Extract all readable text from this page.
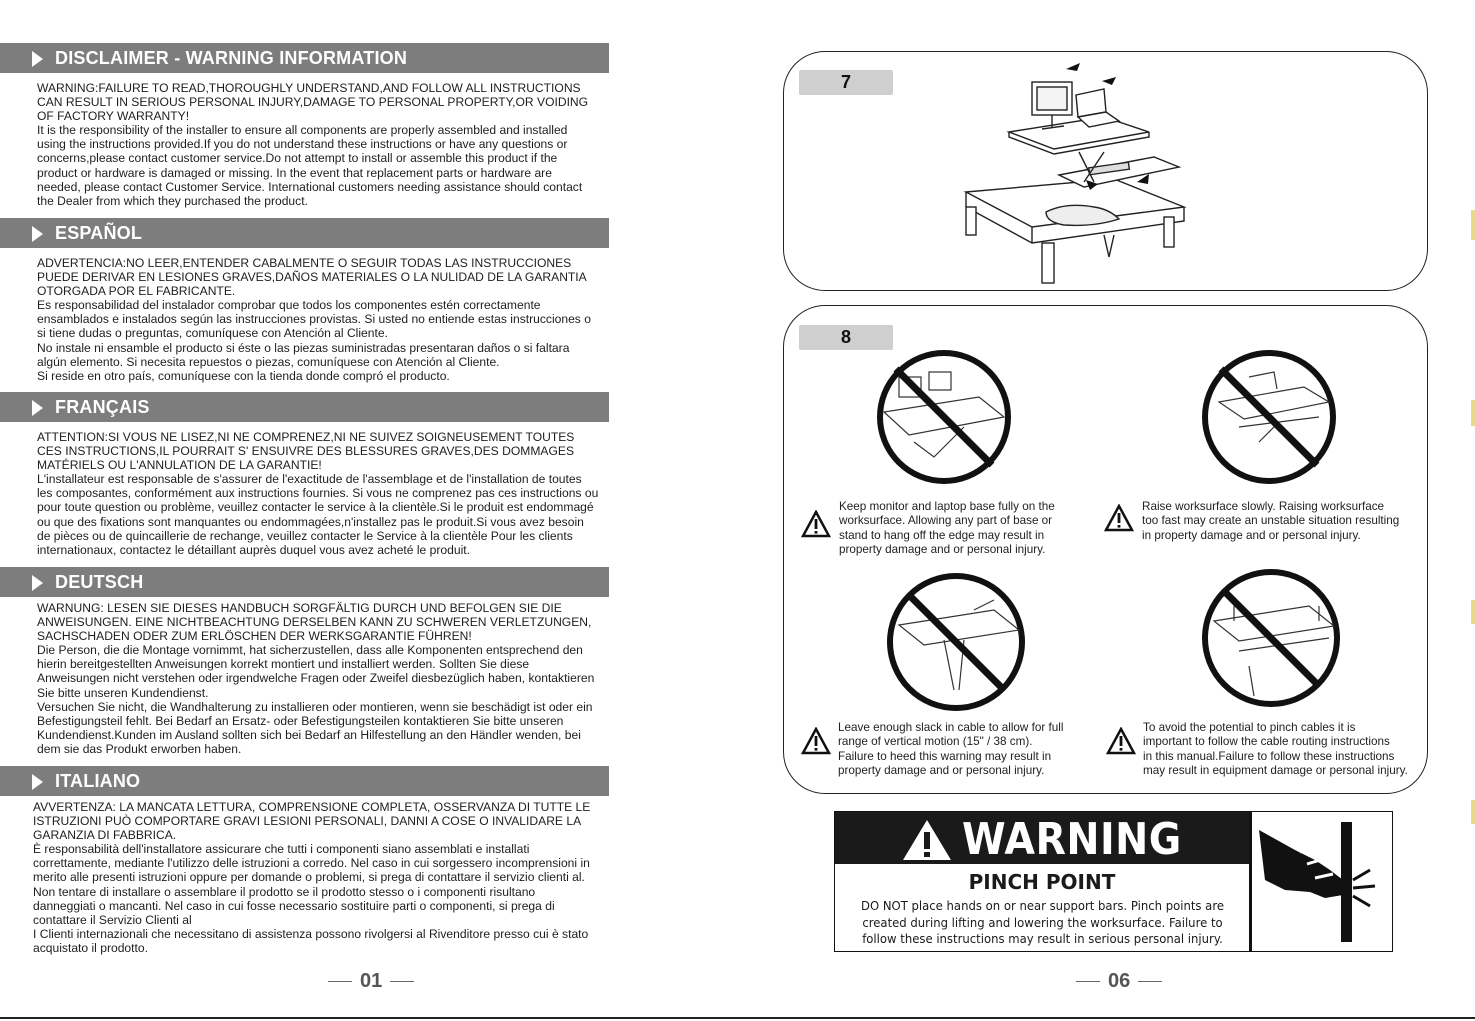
DISCLAIMER - WARNING INFORMATION

WARNING:FAILURE TO READ,THOROUGHLY UNDERSTAND,AND FOLLOW ALL INSTRUCTIONS

CAN RESULT IN SERIOUS PERSONAL INJURY,DAMAGE TO PERSONAL PROPERTY,OR VOIDING

OF FACTORY WARRANTY!

It is the responsibility of the installer to ensure all components are properly assembled and installed

using the instructions provided.If you do not understand these instructions or have any questions or

concerns,please contact customer service.Do not attempt to install or assemble this product if the

product or hardware is damaged or missing. In the event that replacement parts or hardware are

needed, please contact Customer Service. International customers needing assistance should contact

the Dealer from which they purchased the product.

ESPAÑOL

ADVERTENCIA:NO LEER,ENTENDER CABALMENTE O SEGUIR TODAS LAS INSTRUCCIONES

PUEDE DERIVAR EN LESIONES GRAVES,DAÑOS MATERIALES O LA NULIDAD DE LA GARANTIA

OTORGADA POR EL FABRICANTE.

Es responsabilidad del instalador comprobar que todos los componentes estén correctamente

ensamblados e instalados según las instrucciones provistas. Si usted no entiende estas instrucciones o

si tiene dudas o preguntas, comuníquese con Atención al Cliente.

No instale ni ensamble el producto si éste o las piezas suministradas presentaran daños o si faltara

algún elemento. Si necesita repuestos o piezas, comuníquese con Atención al Cliente.

Si reside en otro país, comuníquese con la tienda donde compró el producto.

FRANÇAIS

ATTENTION:SI VOUS NE LISEZ,NI NE COMPRENEZ,NI NE SUIVEZ SOIGNEUSEMENT TOUTES

CES INSTRUCTIONS,IL POURRAIT S' ENSUIVRE DES BLESSURES GRAVES,DES DOMMAGES

MATÉRIELS OU L'ANNULATION DE LA GARANTIE!

L'installateur est responsable de s'assurer de l'exactitude de l'assemblage et de l'installation de toutes

les composantes, conformément aux instructions fournies. Si vous ne comprenez pas ces instructions ou

pour toute question ou problème, veuillez contacter le service à la clientèle.Si le produit est endommagé

ou que des fixations sont manquantes ou endommagées,n'installez pas le produit.Si vous avez besoin

de pièces ou de quincaillerie de rechange, veuillez contacter le Service à la clientèle Pour les clients

internationaux, contactez le détaillant auprès duquel vous avez acheté le produit.

DEUTSCH

WARNUNG: LESEN SIE DIESES HANDBUCH SORGFÄLTIG DURCH UND BEFOLGEN SIE DIE

ANWEISUNGEN. EINE NICHTBEACHTUNG DERSELBEN KANN ZU SCHWEREN VERLETZUNGEN,

SACHSCHADEN ODER ZUM ERLÖSCHEN DER WERKSGARANTIE FÜHREN!

Die Person, die die Montage vornimmt, hat sicherzustellen, dass alle Komponenten entsprechend den

hierin bereitgestellten Anweisungen korrekt montiert und installiert werden. Sollten Sie diese

Anweisungen nicht verstehen oder irgendwelche Fragen oder Zweifel diesbezüglich haben, kontaktieren

Sie bitte unseren Kundendienst.

Versuchen Sie nicht, die Wandhalterung zu installieren oder montieren, wenn sie beschädigt ist oder ein

Befestigungsteil fehlt. Bei Bedarf an Ersatz- oder Befestigungsteilen kontaktieren Sie bitte unseren

Kundendienst.Kunden im Ausland sollten sich bei Bedarf an Hilfestellung an den Händler wenden, bei

dem sie das Produkt erworben haben.

ITALIANO

AVVERTENZA: LA MANCATA LETTURA, COMPRENSIONE COMPLETA, OSSERVANZA DI TUTTE LE

ISTRUZIONI PUÒ COMPORTARE GRAVI LESIONI PERSONALI, DANNI A COSE O INVALIDARE LA

GARANZIA DI FABBRICA.

È responsabilità dell'installatore assicurare che tutti i componenti siano assemblati e installati

correttamente, mediante l'utilizzo delle istruzioni a corredo. Nel caso in cui sorgessero incomprensioni in

merito alle presenti istruzioni oppure per domande o problemi, si prega di contattare il servizio clienti al.

Non tentare di installare o assemblare il prodotto se il prodotto stesso o i componenti risultano

danneggiati o mancanti. Nel caso in cui fosse necessario sostituire parti o componenti, si prega di

contattare il Servizio Clienti al

I Clienti internazionali che necessitano di assistenza possono rivolgersi al Rivenditore presso cui è stato

acquistato il prodotto.

01
7
8
Keep monitor and laptop base fully on the
worksurface. Allowing any part of base or
stand to hang off the edge may result in
property damage and or personal injury.
Raise worksurface slowly. Raising worksurface
too fast may create an unstable situation resulting
in property damage and or personal injury.
Leave enough slack in cable to allow for full
range of vertical motion (15" / 38 cm).
Failure to heed this warning may result in
property damage and or personal injury.
To avoid the potential to pinch cables it is
important to follow the cable routing instructions
in this manual.Failure to follow these instructions
may result in equipment damage or personal injury.
WARNING
PINCH POINT
DO NOT place hands on or near support bars. Pinch points are
created during lifting and lowering the worksurface. Failure to
follow these instructions may result in serious personal injury.
06
